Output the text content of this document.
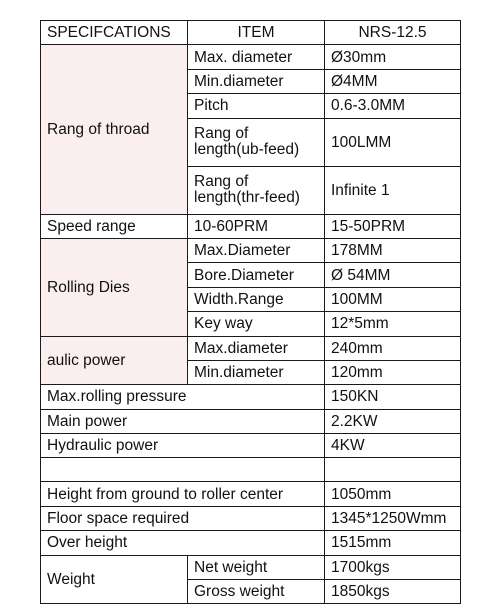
SPECIFCATIONS	ITEM	NRS-12.5
Rang of throad	Max. diameter	Ø30mm
	Min.diameter	Ø4MM
	Pitch	0.6-3.0MM
	Rang of length(ub-feed)	100LMM
	Rang of length(thr-feed)	Infinite 1
Speed range	10-60PRM	15-50PRM
Rolling Dies	Max.Diameter	178MM
	Bore.Diameter	Ø 54MM
	Width.Range	100MM
	Key way	12*5mm
aulic power	Max.diameter	240mm
	Min.diameter	120mm
Max.rolling pressure		150KN
Main power		2.2KW
Hydraulic power		4KW

Height from ground to roller center		1050mm
Floor space required		1345*1250Wmm
Over height		1515mm
Weight	Net weight	1700kgs
	Gross weight	1850kgs
